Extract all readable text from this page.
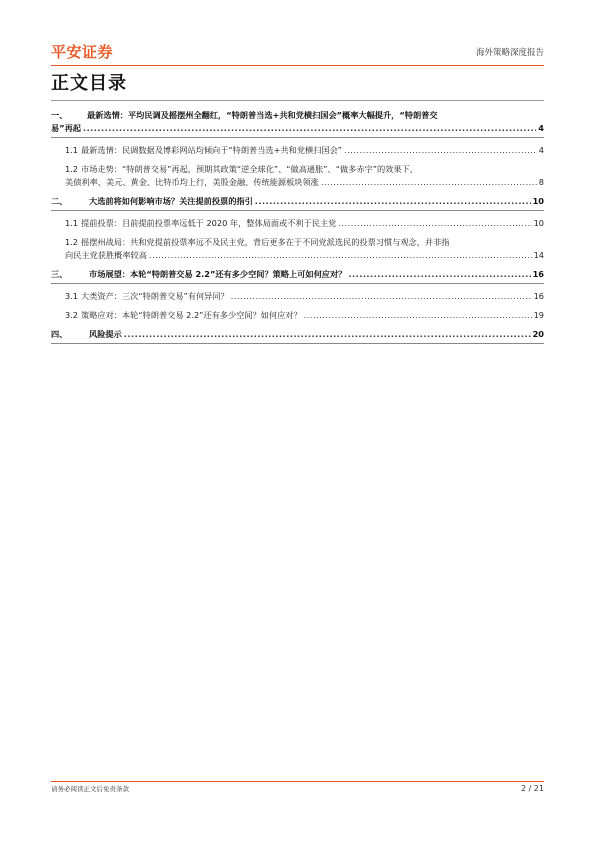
平安证券	海外策略深度报告
正文目录
一、 最新选情：平均民调及摇摆州全翻红，“特朗普当选+共和党横扫国会”概率大幅提升，“特朗普交
易”再起 .....	4
1.1 最新选情：民调数据及博彩网站均倾向于“特朗普当选+共和党横扫国会” .....	4
1.2 市场走势：“特朗普交易”再起，预期其政策“逆全球化”、“做高通胀”、“做多赤字”的效果下，
美债利率、美元、黄金、比特币均上行，美股金融、传统能源板块领涨 .....	8
二、	大选前将如何影响市场？关注提前投票的指引 .....	10
1.1 提前投票：目前提前投票率远低于 2020 年，整体局面或不利于民主党 .....	10
1.2 摇摆州战局：共和党提前投票率远不及民主党，背后更多在于不同党派选民的投票习惯与观念，并非指
向民主党获胜概率较高 .....	14
三、	市场展望：本轮“特朗普交易 2.2”还有多少空间？策略上可如何应对？ .....	16
3.1 大类资产：三次“特朗普交易”有何异同？ .....	16
3.2 策略应对：本轮“特朗普交易 2.2”还有多少空间？如何应对？ .....	19
四、	风险提示 .....	20
请务必阅读正文后免责条款	2 / 21
